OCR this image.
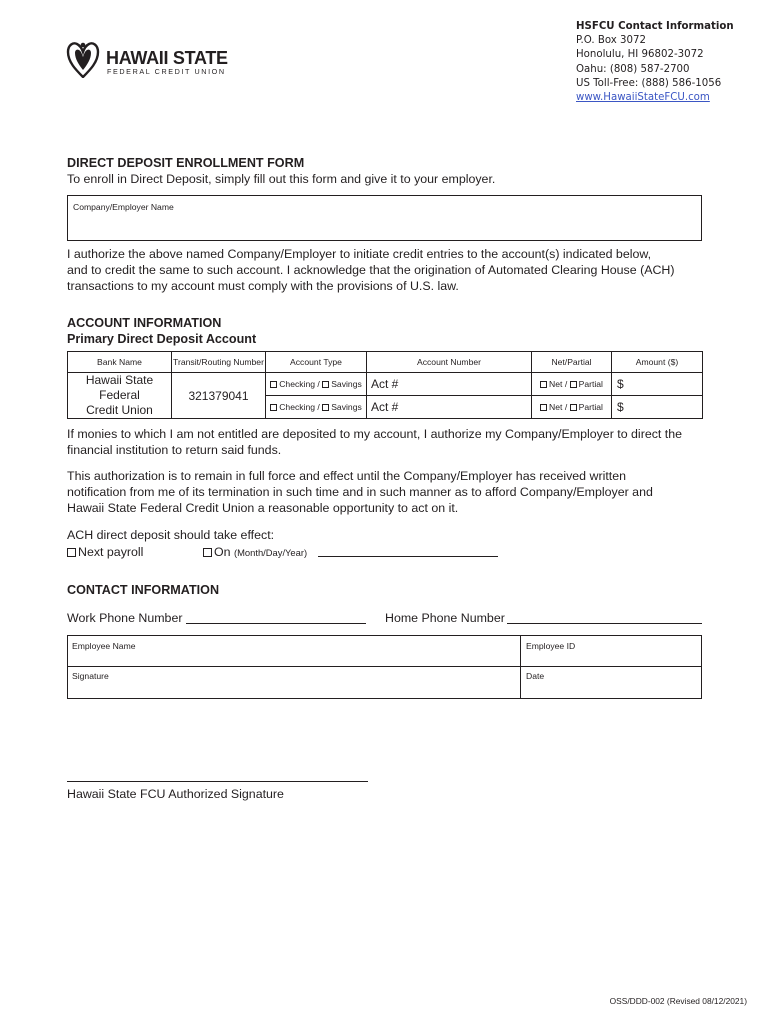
HAWAII STATE
FEDERAL CREDIT UNION
HSFCU Contact Information
P.O. Box 3072
Honolulu, HI 96802-3072
Oahu: (808) 587-2700
US Toll-Free: (888) 586-1056
www.HawaiiStateFCU.com
DIRECT DEPOSIT ENROLLMENT FORM
To enroll in Direct Deposit, simply fill out this form and give it to your employer.
Company/Employer Name
I authorize the above named Company/Employer to initiate credit entries to the account(s) indicated below,
and to credit the same to such account. I acknowledge that the origination of Automated Clearing House (ACH)
transactions to my account must comply with the provisions of U.S. law.
ACCOUNT INFORMATION
Primary Direct Deposit Account
Bank Name	Transit/Routing Number	Account Type	Account Number	Net/Partial	Amount ($)

Hawaii State Federal
Credit Union	321379041	Checking / Savings	Act #	Net / Partial	$
		Checking / Savings	Act #	Net / Partial	$
If monies to which I am not entitled are deposited to my account, I authorize my Company/Employer to direct the
financial institution to return said funds.
This authorization is to remain in full force and effect until the Company/Employer has received written
notification from me of its termination in such time and in such manner as to afford Company/Employer and
Hawaii State Federal Credit Union a reasonable opportunity to act on it.
ACH direct deposit should take effect:
Next payroll	On (Month/Day/Year)
CONTACT INFORMATION
Work Phone Number	Home Phone Number
Employee Name	Employee ID
Signature	Date
Hawaii State FCU Authorized Signature
OSS/DDD-002 (Revised 08/12/2021)
